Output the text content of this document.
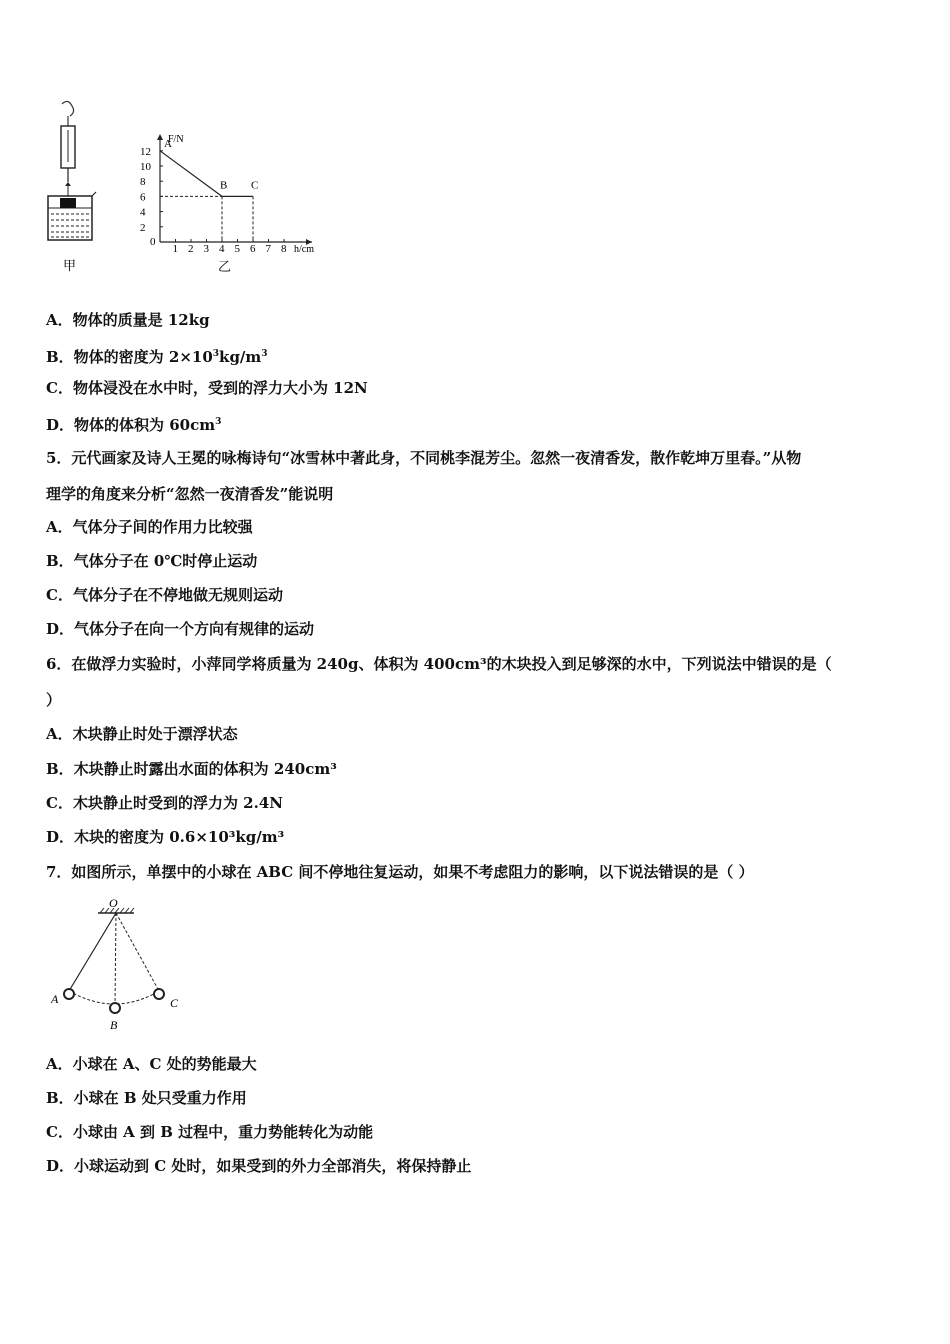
甲
F/N
h/cm
12
10
8
6
4
2
0
1 2 3 4 5 6 7 8
A
B C
乙
A．物体的质量是 12kg
B．物体的密度为 $2\times 10^3kg/m^3$
C．物体浸没在水中时，受到的浮力大小为 12N
D．物体的体积为 $60cm^3$
5．元代画家及诗人王冕的咏梅诗句“冰雪林中著此身，不同桃李混芳尘。忽然一夜清香发，散作乾坤万里春。”从物
理学的角度来分析“忽然一夜清香发”能说明
A．气体分子间的作用力比较强
B．气体分子在 0℃时停止运动
C．气体分子在不停地做无规则运动
D．气体分子在向一个方向有规律的运动
6．在做浮力实验时，小萍同学将质量为 240g、体积为 400cm³的木块投入到足够深的水中，下列说法中错误的是（
）
A．木块静止时处于漂浮状态
B．木块静止时露出水面的体积为 240cm³
C．木块静止时受到的浮力为 2.4N
D．木块的密度为 0.6×10³kg/m³
7．如图所示，单摆中的小球在 ABC 间不停地往复运动，如果不考虑阻力的影响，以下说法错误的是（ ）
O
A
B
C
A．小球在 A、C 处的势能最大
B．小球在 B 处只受重力作用
C．小球由 A 到 B 过程中，重力势能转化为动能
D．小球运动到 C 处时，如果受到的外力全部消失，将保持静止
